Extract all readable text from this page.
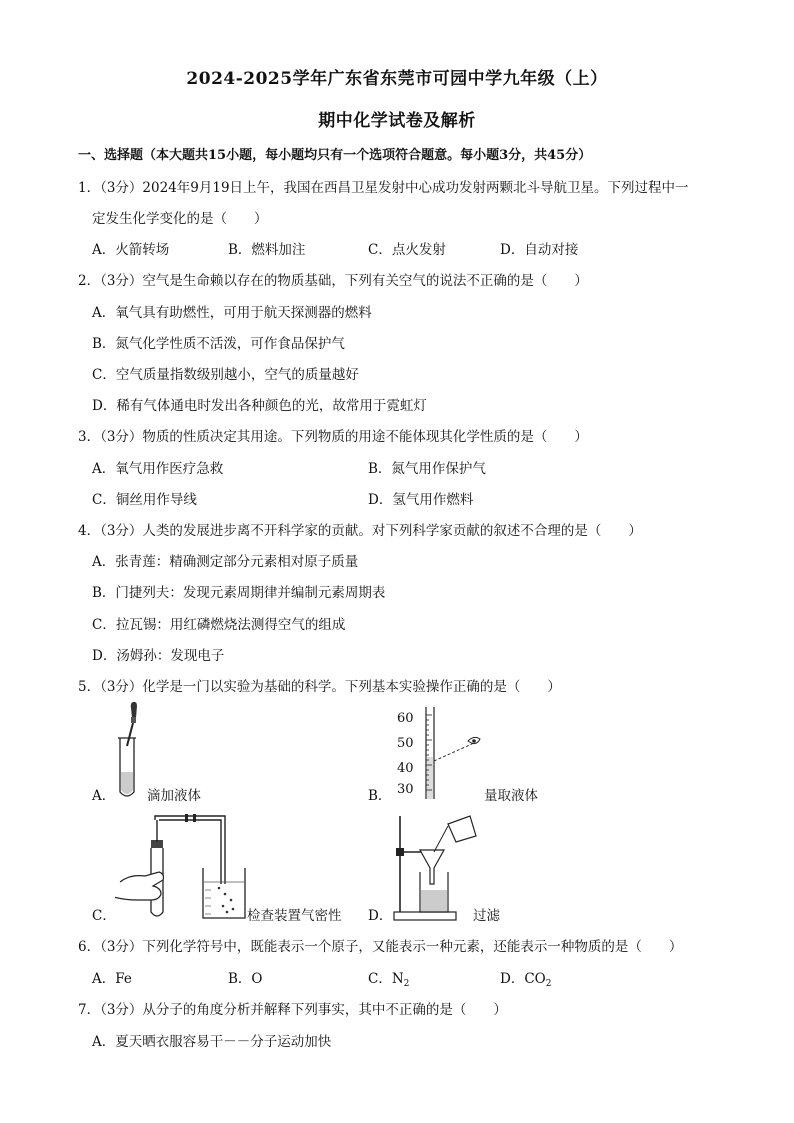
2024-2025学年广东省东莞市可园中学九年级（上）
期中化学试卷及解析
一、选择题（本大题共15小题，每小题均只有一个选项符合题意。每小题3分，共45分）
1．（3分）2024年9月19日上午，我国在西昌卫星发射中心成功发射两颗北斗导航卫星。下列过程中一
定发生化学变化的是（　　）
A．火箭转场	B．燃料加注	C．点火发射	D．自动对接
2．（3分）空气是生命赖以存在的物质基础，下列有关空气的说法不正确的是（　　）
A．氧气具有助燃性，可用于航天探测器的燃料
B．氮气化学性质不活泼，可作食品保护气
C．空气质量指数级别越小，空气的质量越好
D．稀有气体通电时发出各种颜色的光，故常用于霓虹灯
3．（3分）物质的性质决定其用途。下列物质的用途不能体现其化学性质的是（　　）
A．氧气用作医疗急救	B．氮气用作保护气
C．铜丝用作导线	D．氢气用作燃料
4．（3分）人类的发展进步离不开科学家的贡献。对下列科学家贡献的叙述不合理的是（　　）
A．张青莲：精确测定部分元素相对原子质量
B．门捷列夫：发现元素周期律并编制元素周期表
C．拉瓦锡：用红磷燃烧法测得空气的组成
D．汤姆孙：发现电子
5．（3分）化学是一门以实验为基础的科学。下列基本实验操作正确的是（　　）
A． 滴加液体
60
50
40
30
B．	量取液体
C．	检查装置气密性 D．	过滤
6．（3分）下列化学符号中，既能表示一个原子，又能表示一种元素，还能表示一种物质的是（　　）
A．Fe	B．O	C．$N_2$	D．$CO_2$
7．（3分）从分子的角度分析并解释下列事实，其中不正确的是（　　）
A．夏天晒衣服容易干－－分子运动加快
